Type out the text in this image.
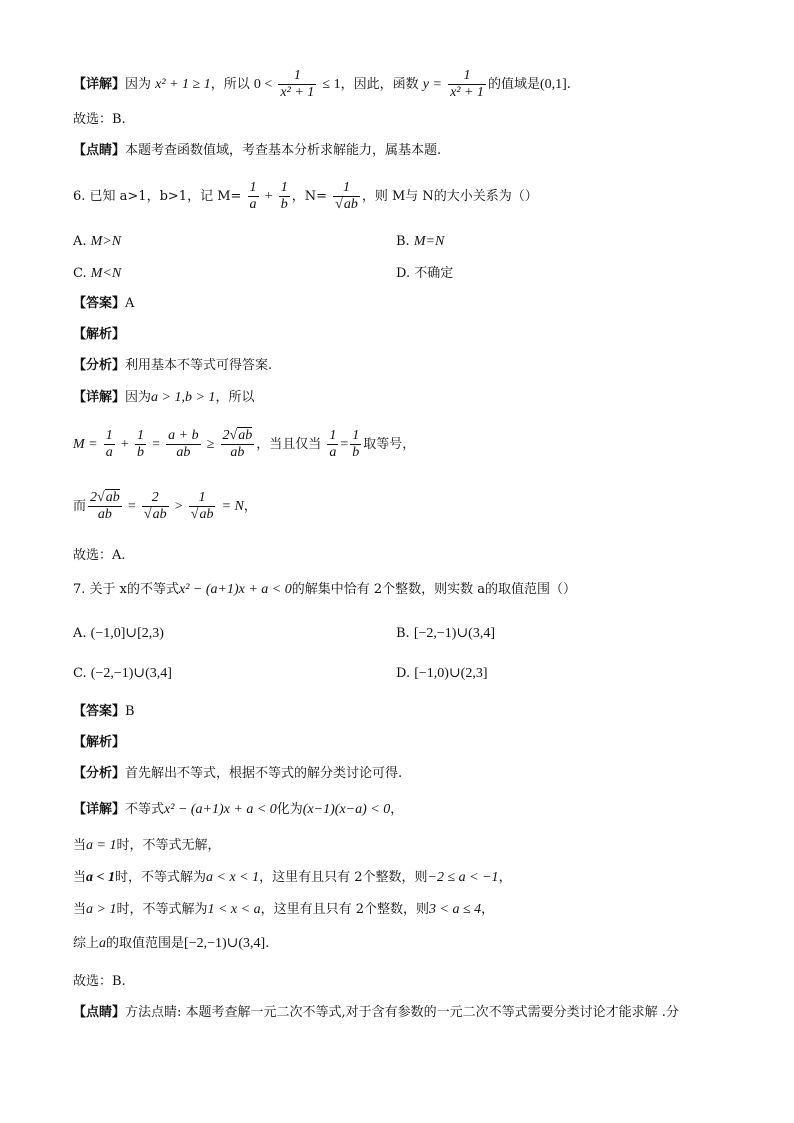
【详解】因为 x² + 1 ≥ 1，所以 $0 < \frac{1}{\text{x² + 1}} \le 1$，因此，函数 $y = \frac{1}{\text{x² + 1}}$ 的值域是(0,1].
故选：B.
【点睛】本题考查函数值域，考查基本分析求解能力，属基本题.
6. 已知 a>1，b>1，记 $M= \frac{1}{a} + \frac{1}{b}$ ，$N= \frac{1}{√ab}$ ，则 M与 N的大小关系为（）
A. M>N	B. M=N
C. M<N	D. 不确定
【答案】A
【解析】
【分析】利用基本不等式可得答案.
【详解】因为a > 1,b > 1，所以
$M = \frac{1}{a} + \frac{1}{b} = \frac{a + b}{ab} \ge \frac{2√ab}{ab}$ ，当且仅当 $\frac{1}{a} = \frac{1}{b}$ 取等号，
而 $\frac{2√ab}{ab} = \frac{2}{√ab} > \frac{1}{√ab} = N$，
故选：A.
7. 关于 x的不等式x² − (a+1)x + a < 0的解集中恰有 2个整数，则实数 a的取值范围（）
A. (−1,0]∪[2,3)	B. [−2,−1)∪(3,4]
C. (−2,−1)∪(3,4]	D. [−1,0)∪(2,3]
【答案】B
【解析】
【分析】首先解出不等式，根据不等式的解分类讨论可得.
【详解】不等式x² − (a+1)x + a < 0化为(x−1)(x−a) < 0，
当a = 1时，不等式无解，
当a < 1时，不等式解为a < x < 1，这里有且只有 2个整数，则−2 ≤ a < −1，
当a > 1时，不等式解为1 < x < a，这里有且只有 2个整数，则3 < a ≤ 4，
综上a的取值范围是[−2,−1)∪(3,4].
故选：B.
【点睛】方法点睛: 本题考查解一元二次不等式,对于含有参数的一元二次不等式需要分类讨论才能求解 .分
